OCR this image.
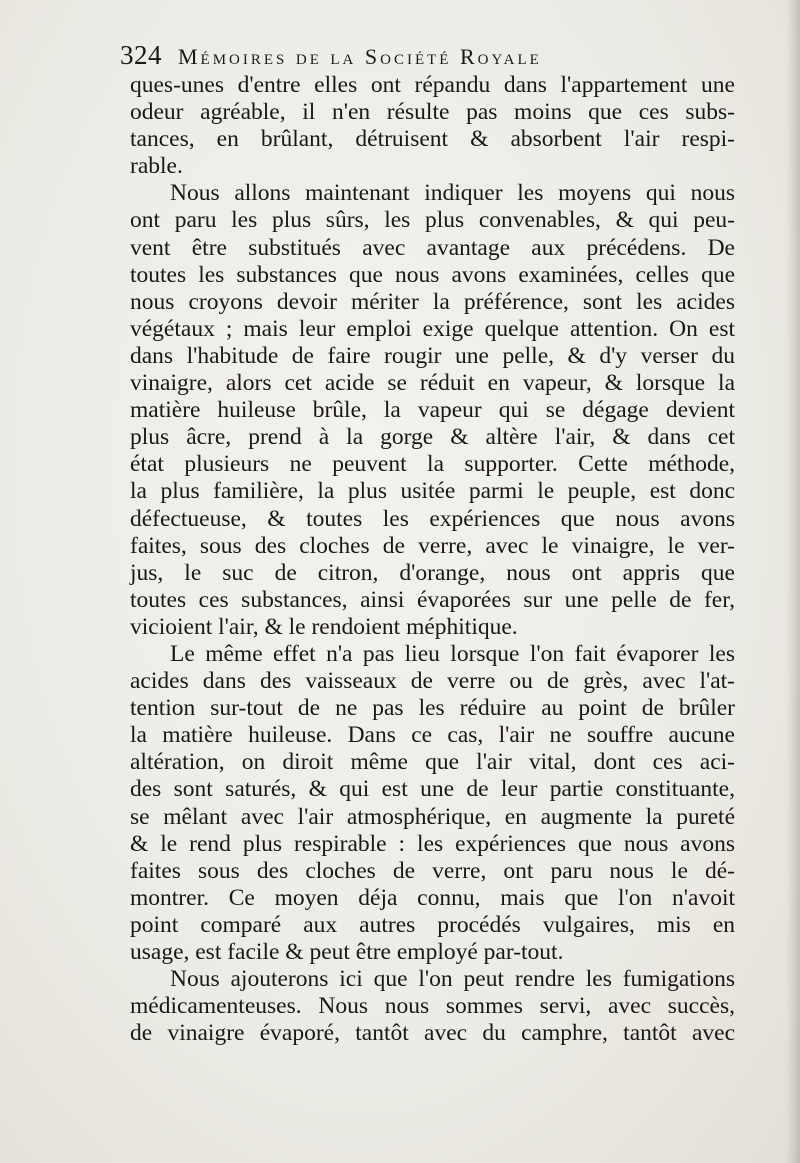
324 Mémoires de la Société Royale
ques-unes d'entre elles ont répandu dans l'appartement une
odeur agréable, il n'en résulte pas moins que ces subs-
tances, en brûlant, détruisent & absorbent l'air respi-
rable.
Nous allons maintenant indiquer les moyens qui nous
ont paru les plus sûrs, les plus convenables, & qui peu-
vent être substitués avec avantage aux précédens. De
toutes les substances que nous avons examinées, celles que
nous croyons devoir mériter la préférence, sont les acides
végétaux ; mais leur emploi exige quelque attention. On est
dans l'habitude de faire rougir une pelle, & d'y verser du
vinaigre, alors cet acide se réduit en vapeur, & lorsque la
matière huileuse brûle, la vapeur qui se dégage devient
plus âcre, prend à la gorge & altère l'air, & dans cet
état plusieurs ne peuvent la supporter. Cette méthode,
la plus familière, la plus usitée parmi le peuple, est donc
défectueuse, & toutes les expériences que nous avons
faites, sous des cloches de verre, avec le vinaigre, le ver-
jus, le suc de citron, d'orange, nous ont appris que
toutes ces substances, ainsi évaporées sur une pelle de fer,
vicioient l'air, & le rendoient méphitique.
Le même effet n'a pas lieu lorsque l'on fait évaporer les
acides dans des vaisseaux de verre ou de grès, avec l'at-
tention sur-tout de ne pas les réduire au point de brûler
la matière huileuse. Dans ce cas, l'air ne souffre aucune
altération, on diroit même que l'air vital, dont ces aci-
des sont saturés, & qui est une de leur partie constituante,
se mêlant avec l'air atmosphérique, en augmente la pureté
& le rend plus respirable : les expériences que nous avons
faites sous des cloches de verre, ont paru nous le dé-
montrer. Ce moyen déja connu, mais que l'on n'avoit
point comparé aux autres procédés vulgaires, mis en
usage, est facile & peut être employé par-tout.
Nous ajouterons ici que l'on peut rendre les fumigations
médicamenteuses. Nous nous sommes servi, avec succès,
de vinaigre évaporé, tantôt avec du camphre, tantôt avec
